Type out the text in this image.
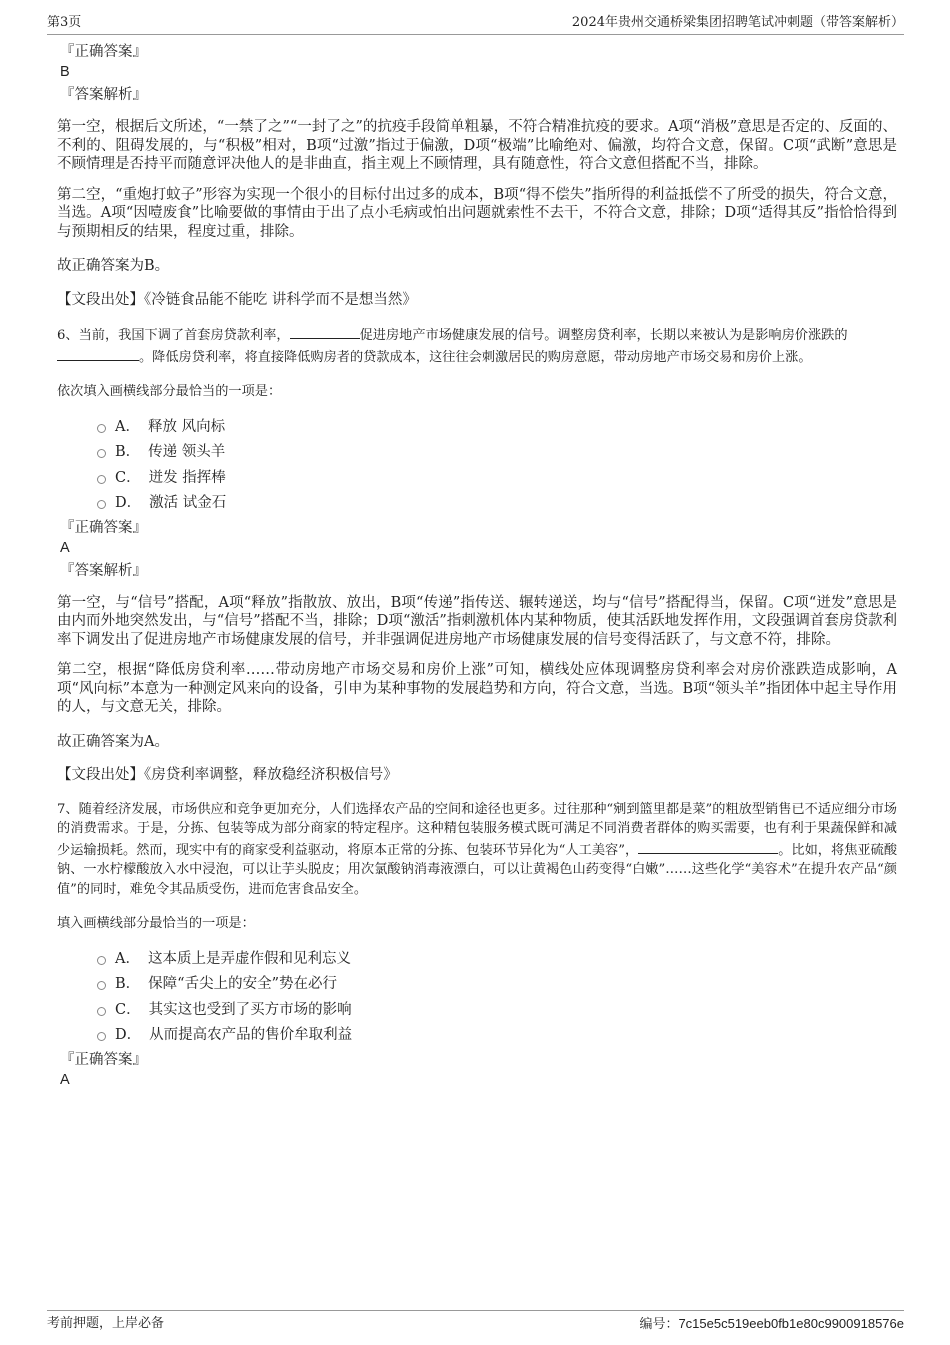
第3页	2024年贵州交通桥梁集团招聘笔试冲刺题（带答案解析）

『正确答案』

B

『答案解析』

第一空，根据后文所述，“一禁了之”“一封了之”的抗疫手段简单粗暴，不符合精准抗疫的要求。A项“消极”意思是否定的、反面的、不利的、阻碍发展的，与“积极”相对，B项“过激”指过于偏激，D项“极端”比喻绝对、偏激，均符合文意，保留。C项“武断”意思是不顾情理是否持平而随意评决他人的是非曲直，指主观上不顾情理，具有随意性，符合文意但搭配不当，排除。

第二空，“重炮打蚊子”形容为实现一个很小的目标付出过多的成本，B项“得不偿失”指所得的利益抵偿不了所受的损失，符合文意，当选。A项“因噎废食”比喻要做的事情由于出了点小毛病或怕出问题就索性不去干，不符合文意，排除；D项“适得其反”指恰恰得到与预期相反的结果，程度过重，排除。

故正确答案为B。

【文段出处】《冷链食品能不能吃 讲科学而不是想当然》

6、当前，我国下调了首套房贷款利率，	促进房地产市场健康发展的信号。调整房贷利率，长期以来被认为是影响房价涨跌的
。降低房贷利率，将直接降低购房者的贷款成本，这往往会刺激居民的购房意愿，带动房地产市场交易和房价上涨。

依次填入画横线部分最恰当的一项是：

A． 释放 风向标
B． 传递 领头羊
C． 迸发 指挥棒
D． 激活 试金石

『正确答案』

A

『答案解析』

第一空，与“信号”搭配，A项“释放”指散放、放出，B项“传递”指传送、辗转递送，均与“信号”搭配得当，保留。C项“迸发”意思是由内而外地突然发出，与“信号”搭配不当，排除；D项“激活”指刺激机体内某种物质，使其活跃地发挥作用，文段强调首套房贷款利率下调发出了促进房地产市场健康发展的信号，并非强调促进房地产市场健康发展的信号变得活跃了，与文意不符，排除。

第二空，根据“降低房贷利率……带动房地产市场交易和房价上涨”可知，横线处应体现调整房贷利率会对房价涨跌造成影响，A项“风向标”本意为一种测定风来向的设备，引申为某种事物的发展趋势和方向，符合文意，当选。B项“领头羊”指团体中起主导作用的人，与文意无关，排除。

故正确答案为A。

【文段出处】《房贷利率调整，释放稳经济积极信号》

7、随着经济发展，市场供应和竞争更加充分，人们选择农产品的空间和途径也更多。过往那种“剜到篮里都是菜”的粗放型销售已不适应细分市场的消费需求。于是，分拣、包装等成为部分商家的特定程序。这种精包装服务模式既可满足不同消费者群体的购买需要，也有利于果蔬保鲜和减少运输损耗。然而，现实中有的商家受利益驱动，将原本正常的分拣、包装环节异化为“人工美容”，	。比如，将焦亚硫酸钠、一水柠檬酸放入水中浸泡，可以让芋头脱皮；用次氯酸钠消毒液漂白，可以让黄褐色山药变得“白嫩”……这些化学“美容术”在提升农产品“颜值”的同时，难免令其品质受伤，进而危害食品安全。

填入画横线部分最恰当的一项是：

A． 这本质上是弄虚作假和见利忘义
B． 保障“舌尖上的安全”势在必行
C． 其实这也受到了买方市场的影响
D． 从而提高农产品的售价牟取利益

『正确答案』

A

考前押题，上岸必备	编号：7c15e5c519eeb0fb1e80c9900918576e
